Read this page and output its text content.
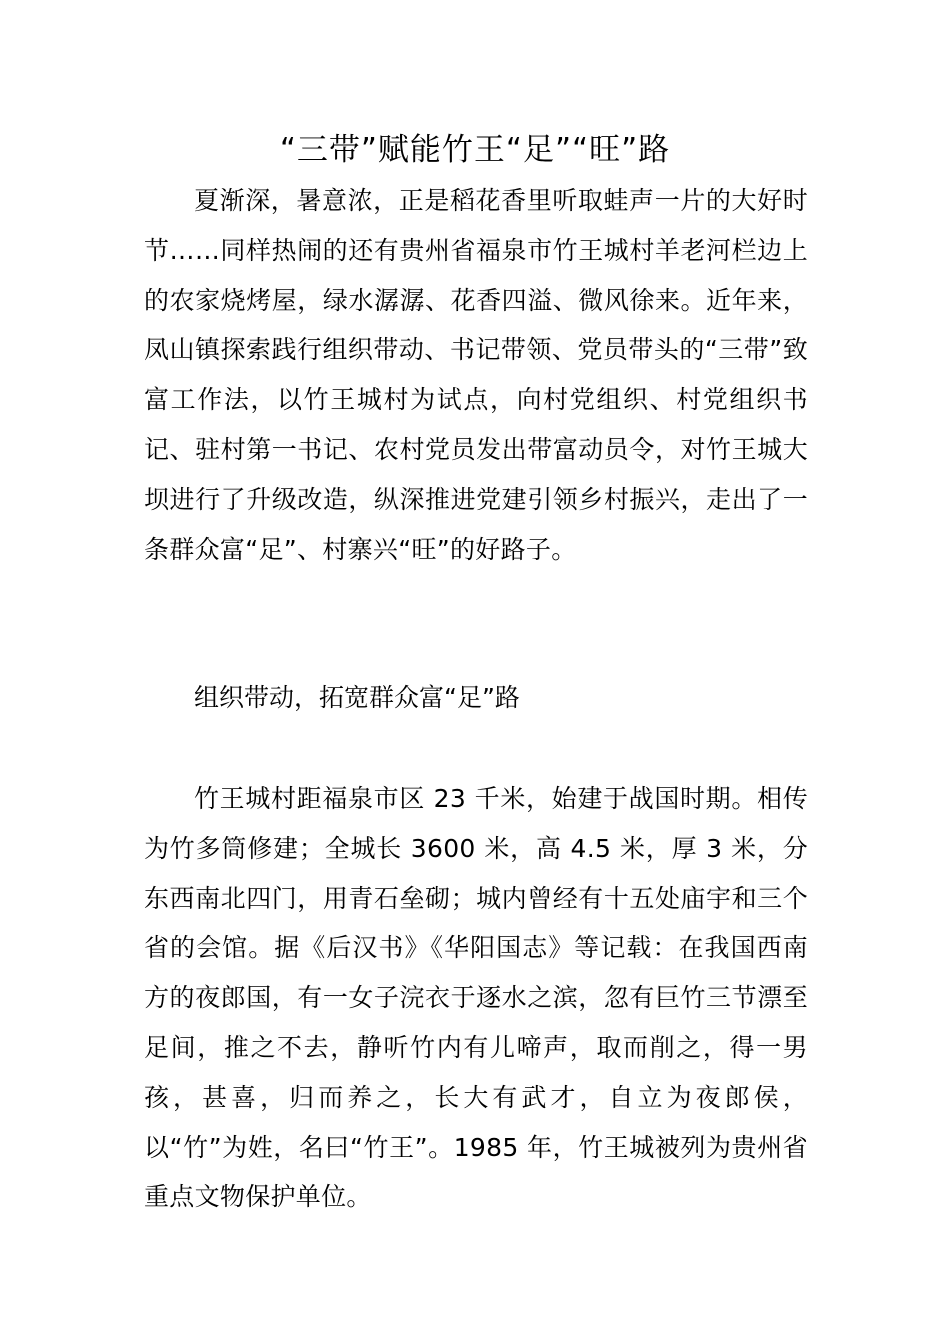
“三带”赋能竹王“足”“旺”路

夏渐深，暑意浓，正是稻花香里听取蛙声一片的大好时节……同样热闹的还有贵州省福泉市竹王城村羊老河栏边上的农家烧烤屋，绿水潺潺、花香四溢、微风徐来。近年来，凤山镇探索践行组织带动、书记带领、党员带头的“三带”致富工作法，以竹王城村为试点，向村党组织、村党组织书记、驻村第一书记、农村党员发出带富动员令，对竹王城大坝进行了升级改造，纵深推进党建引领乡村振兴，走出了一条群众富“足”、村寨兴“旺”的好路子。

组织带动，拓宽群众富“足”路

竹王城村距福泉市区 23 千米，始建于战国时期。相传为竹多筒修建；全城长 3600 米，高 4.5 米，厚 3 米，分东西南北四门，用青石垒砌；城内曾经有十五处庙宇和三个省的会馆。据《后汉书》《华阳国志》等记载：在我国西南方的夜郎国，有一女子浣衣于逐水之滨，忽有巨竹三节漂至足间，推之不去，静听竹内有儿啼声，取而削之，得一男孩，甚喜，归而养之，长大有武才，自立为夜郎侯，以“竹”为姓，名曰“竹王”。1985 年，竹王城被列为贵州省重点文物保护单位。
